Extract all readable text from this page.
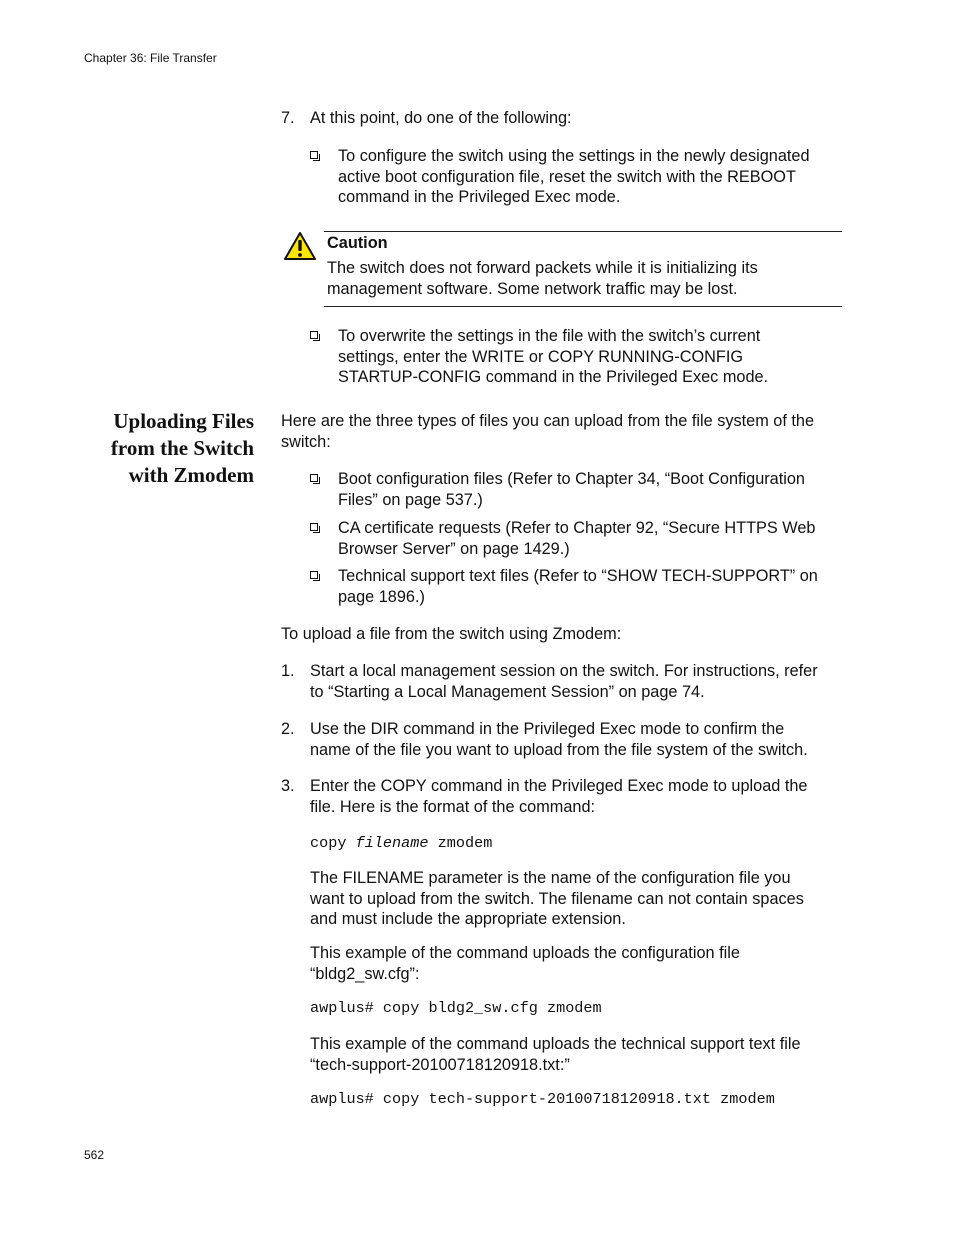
Chapter 36: File Transfer
7. At this point, do one of the following:
To configure the switch using the settings in the newly designated
active boot configuration file, reset the switch with the REBOOT
command in the Privileged Exec mode.
Caution
The switch does not forward packets while it is initializing its
management software. Some network traffic may be lost.
To overwrite the settings in the file with the switch’s current
settings, enter the WRITE or COPY RUNNING-CONFIG
STARTUP-CONFIG command in the Privileged Exec mode.
Uploading Files
from the Switch
with Zmodem
Here are the three types of files you can upload from the file system of the
switch:
Boot configuration files (Refer to Chapter 34, “Boot Configuration
Files” on page 537.)
CA certificate requests (Refer to Chapter 92, “Secure HTTPS Web
Browser Server” on page 1429.)
Technical support text files (Refer to “SHOW TECH-SUPPORT” on
page 1896.)
To upload a file from the switch using Zmodem:
1. Start a local management session on the switch. For instructions, refer
to “Starting a Local Management Session” on page 74.
2. Use the DIR command in the Privileged Exec mode to confirm the
name of the file you want to upload from the file system of the switch.
3. Enter the COPY command in the Privileged Exec mode to upload the
file. Here is the format of the command:
copy filename zmodem
The FILENAME parameter is the name of the configuration file you
want to upload from the switch. The filename can not contain spaces
and must include the appropriate extension.
This example of the command uploads the configuration file
“bldg2_sw.cfg”:
awplus# copy bldg2_sw.cfg zmodem
This example of the command uploads the technical support text file
“tech-support-20100718120918.txt:”
awplus# copy tech-support-20100718120918.txt zmodem
562
